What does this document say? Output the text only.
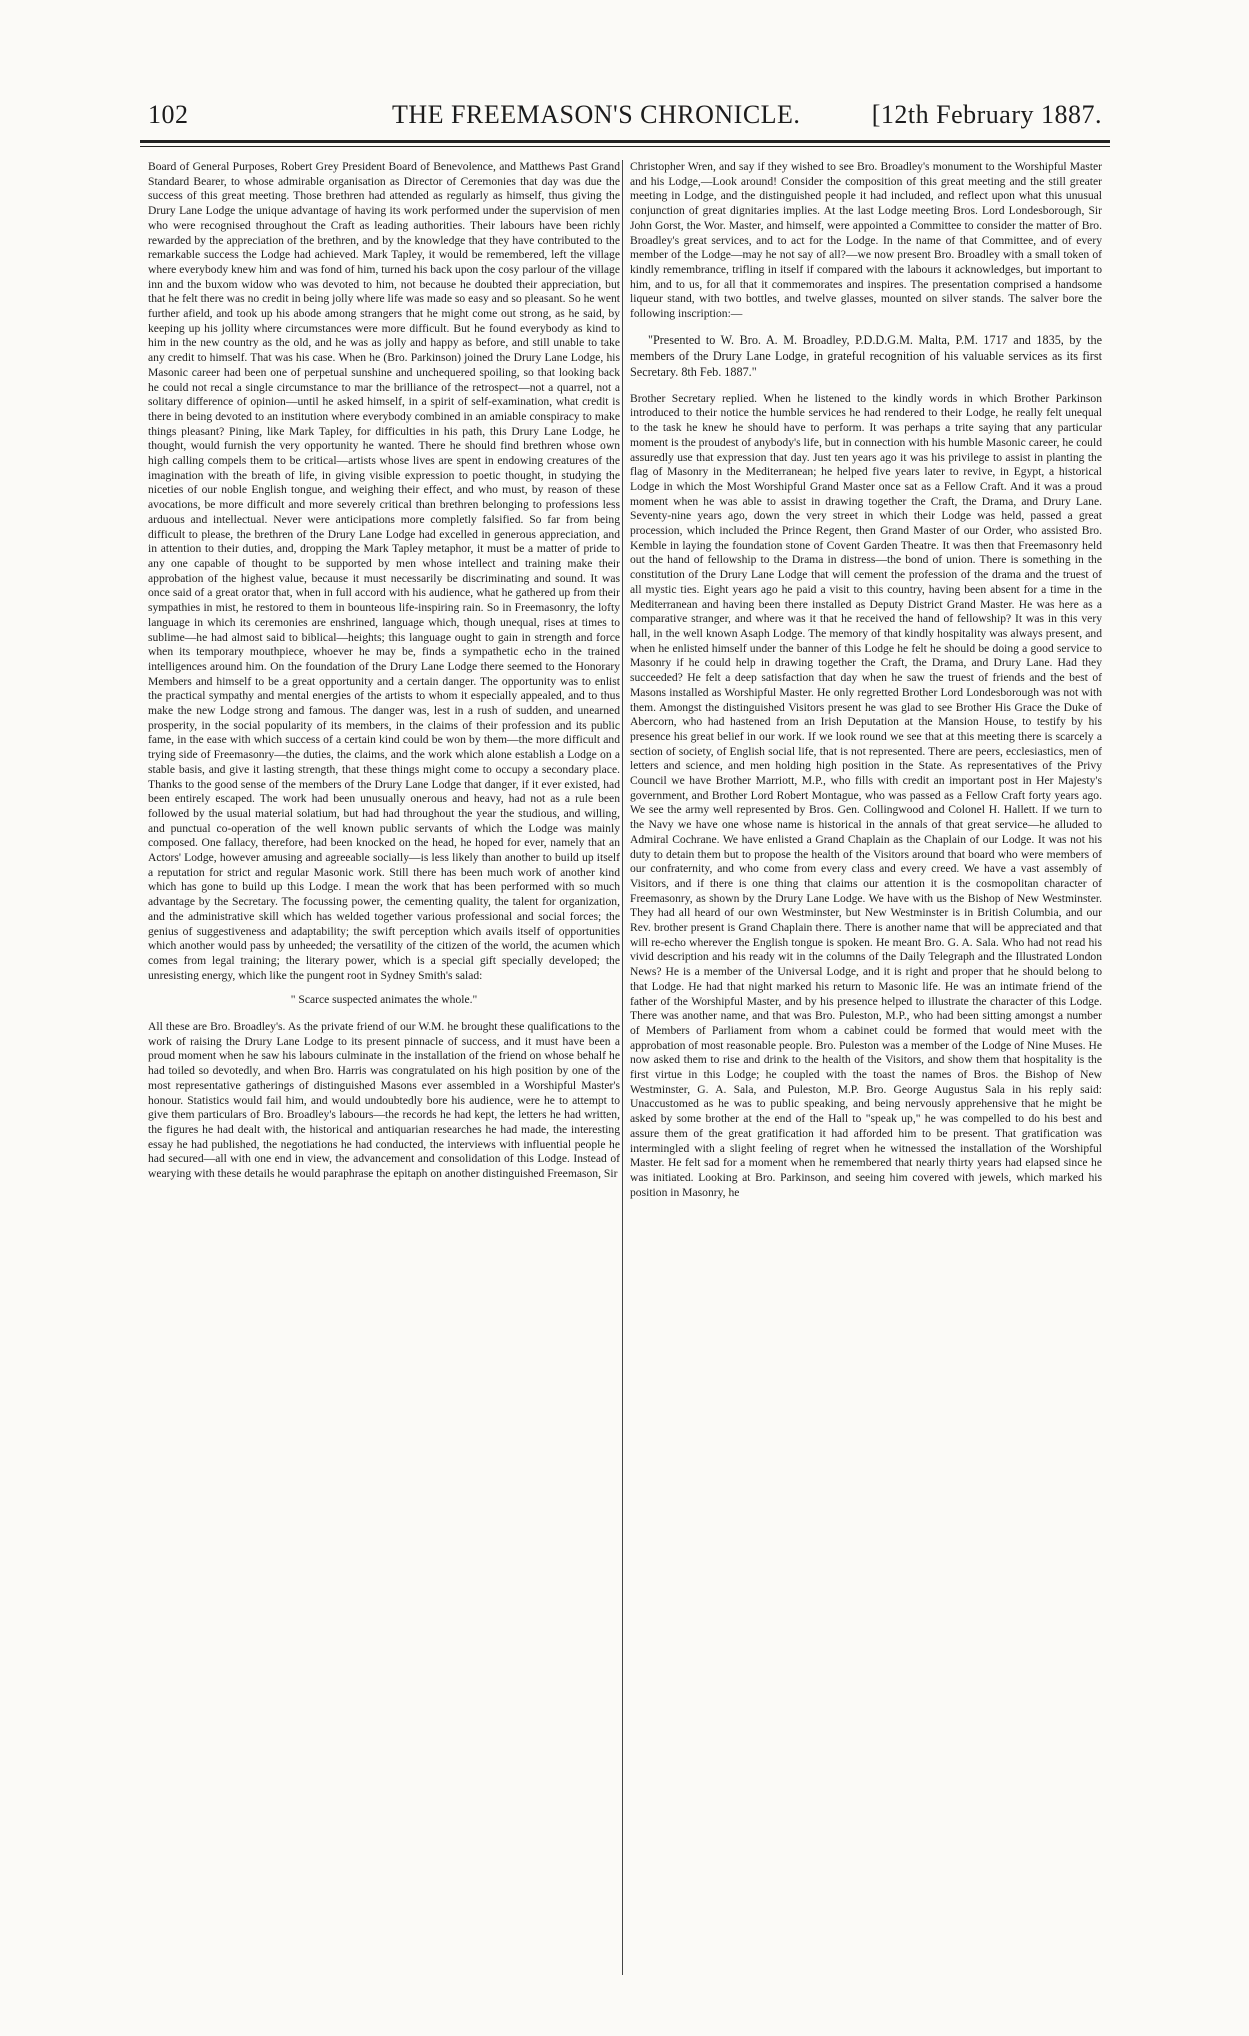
102	THE FREEMASON'S CHRONICLE.	[12th February 1887.

Board of General Purposes, Robert Grey President Board of Benevolence, and Matthews Past Grand Standard Bearer, to whose admirable organisation as Director of Ceremonies that day was due the success of this great meeting. Those brethren had attended as regularly as himself, thus giving the Drury Lane Lodge the unique advantage of having its work performed under the supervision of men who were recognised throughout the Craft as leading authorities. Their labours have been richly rewarded by the appreciation of the brethren, and by the knowledge that they have contributed to the remarkable success the Lodge had achieved. Mark Tapley, it would be remembered, left the village where everybody knew him and was fond of him, turned his back upon the cosy parlour of the village inn and the buxom widow who was devoted to him, not because he doubted their appreciation, but that he felt there was no credit in being jolly where life was made so easy and so pleasant. So he went further afield, and took up his abode among strangers that he might come out strong, as he said, by keeping up his jollity where circumstances were more difficult. But he found everybody as kind to him in the new country as the old, and he was as jolly and happy as before, and still unable to take any credit to himself. That was his case. When he (Bro. Parkinson) joined the Drury Lane Lodge, his Masonic career had been one of perpetual sunshine and unchequered spoiling, so that looking back he could not recal a single circumstance to mar the brilliance of the retrospect—not a quarrel, not a solitary difference of opinion—until he asked himself, in a spirit of self-examination, what credit is there in being devoted to an institution where everybody combined in an amiable conspiracy to make things pleasant? Pining, like Mark Tapley, for difficulties in his path, this Drury Lane Lodge, he thought, would furnish the very opportunity he wanted. There he should find brethren whose own high calling compels them to be critical—artists whose lives are spent in endowing creatures of the imagination with the breath of life, in giving visible expression to poetic thought, in studying the niceties of our noble English tongue, and weighing their effect, and who must, by reason of these avocations, be more difficult and more severely critical than brethren belonging to professions less arduous and intellectual. Never were anticipations more completly falsified. So far from being difficult to please, the brethren of the Drury Lane Lodge had excelled in generous appreciation, and in attention to their duties, and, dropping the Mark Tapley metaphor, it must be a matter of pride to any one capable of thought to be supported by men whose intellect and training make their approbation of the highest value, because it must necessarily be discriminating and sound. It was once said of a great orator that, when in full accord with his audience, what he gathered up from their sympathies in mist, he restored to them in bounteous life-inspiring rain. So in Freemasonry, the lofty language in which its ceremonies are enshrined, language which, though unequal, rises at times to sublime—he had almost said to biblical—heights; this language ought to gain in strength and force when its temporary mouthpiece, whoever he may be, finds a sympathetic echo in the trained intelligences around him. On the foundation of the Drury Lane Lodge there seemed to the Honorary Members and himself to be a great opportunity and a certain danger. The opportunity was to enlist the practical sympathy and mental energies of the artists to whom it especially appealed, and to thus make the new Lodge strong and famous. The danger was, lest in a rush of sudden, and unearned prosperity, in the social popularity of its members, in the claims of their profession and its public fame, in the ease with which success of a certain kind could be won by them—the more difficult and trying side of Freemasonry—the duties, the claims, and the work which alone establish a Lodge on a stable basis, and give it lasting strength, that these things might come to occupy a secondary place. Thanks to the good sense of the members of the Drury Lane Lodge that danger, if it ever existed, had been entirely escaped. The work had been unusually onerous and heavy, had not as a rule been followed by the usual material solatium, but had had throughout the year the studious, and willing, and punctual co-operation of the well known public servants of which the Lodge was mainly composed. One fallacy, therefore, had been knocked on the head, he hoped for ever, namely that an Actors' Lodge, however amusing and agreeable socially—is less likely than another to build up itself a reputation for strict and regular Masonic work. Still there has been much work of another kind which has gone to build up this Lodge. I mean the work that has been performed with so much advantage by the Secretary. The focussing power, the cementing quality, the talent for organization, and the administrative skill which has welded together various professional and social forces; the genius of suggestiveness and adaptability; the swift perception which avails itself of opportunities which another would pass by unheeded; the versatility of the citizen of the world, the acumen which comes from legal training; the literary power, which is a special gift specially developed; the unresisting energy, which like the pungent root in Sydney Smith's salad:

" Scarce suspected animates the whole."

All these are Bro. Broadley's. As the private friend of our W.M. he brought these qualifications to the work of raising the Drury Lane Lodge to its present pinnacle of success, and it must have been a proud moment when he saw his labours culminate in the installation of the friend on whose behalf he had toiled so devotedly, and when Bro. Harris was congratulated on his high position by one of the most representative gatherings of distinguished Masons ever assembled in a Worshipful Master's honour. Statistics would fail him, and would undoubtedly bore his audience, were he to attempt to give them particulars of Bro. Broadley's labours—the records he had kept, the letters he had written, the figures he had dealt with, the historical and antiquarian researches he had made, the interesting essay he had published, the negotiations he had conducted, the interviews with influential people he had secured—all with one end in view, the advancement and consolidation of this Lodge. Instead of wearying with these details he would paraphrase the epitaph on another distinguished Freemason, Sir

Christopher Wren, and say if they wished to see Bro. Broadley's monument to the Worshipful Master and his Lodge,—Look around! Consider the composition of this great meeting and the still greater meeting in Lodge, and the distinguished people it had included, and reflect upon what this unusual conjunction of great dignitaries implies. At the last Lodge meeting Bros. Lord Londesborough, Sir John Gorst, the Wor. Master, and himself, were appointed a Committee to consider the matter of Bro. Broadley's great services, and to act for the Lodge. In the name of that Committee, and of every member of the Lodge—may he not say of all?—we now present Bro. Broadley with a small token of kindly remembrance, trifling in itself if compared with the labours it acknowledges, but important to him, and to us, for all that it commemorates and inspires. The presentation comprised a handsome liqueur stand, with two bottles, and twelve glasses, mounted on silver stands. The salver bore the following inscription:—

"Presented to W. Bro. A. M. Broadley, P.D.D.G.M. Malta, P.M. 1717 and 1835, by the members of the Drury Lane Lodge, in grateful recognition of his valuable services as its first Secretary. 8th Feb. 1887."

Brother Secretary replied. When he listened to the kindly words in which Brother Parkinson introduced to their notice the humble services he had rendered to their Lodge, he really felt unequal to the task he knew he should have to perform. It was perhaps a trite saying that any particular moment is the proudest of anybody's life, but in connection with his humble Masonic career, he could assuredly use that expression that day. Just ten years ago it was his privilege to assist in planting the flag of Masonry in the Mediterranean; he helped five years later to revive, in Egypt, a historical Lodge in which the Most Worshipful Grand Master once sat as a Fellow Craft. And it was a proud moment when he was able to assist in drawing together the Craft, the Drama, and Drury Lane. Seventy-nine years ago, down the very street in which their Lodge was held, passed a great procession, which included the Prince Regent, then Grand Master of our Order, who assisted Bro. Kemble in laying the foundation stone of Covent Garden Theatre. It was then that Freemasonry held out the hand of fellowship to the Drama in distress—the bond of union. There is something in the constitution of the Drury Lane Lodge that will cement the profession of the drama and the truest of all mystic ties. Eight years ago he paid a visit to this country, having been absent for a time in the Mediterranean and having been there installed as Deputy District Grand Master. He was here as a comparative stranger, and where was it that he received the hand of fellowship? It was in this very hall, in the well known Asaph Lodge. The memory of that kindly hospitality was always present, and when he enlisted himself under the banner of this Lodge he felt he should be doing a good service to Masonry if he could help in drawing together the Craft, the Drama, and Drury Lane. Had they succeeded? He felt a deep satisfaction that day when he saw the truest of friends and the best of Masons installed as Worshipful Master. He only regretted Brother Lord Londesborough was not with them. Amongst the distinguished Visitors present he was glad to see Brother His Grace the Duke of Abercorn, who had hastened from an Irish Deputation at the Mansion House, to testify by his presence his great belief in our work. If we look round we see that at this meeting there is scarcely a section of society, of English social life, that is not represented. There are peers, ecclesiastics, men of letters and science, and men holding high position in the State. As representatives of the Privy Council we have Brother Marriott, M.P., who fills with credit an important post in Her Majesty's government, and Brother Lord Robert Montague, who was passed as a Fellow Craft forty years ago. We see the army well represented by Bros. Gen. Collingwood and Colonel H. Hallett. If we turn to the Navy we have one whose name is historical in the annals of that great service—he alluded to Admiral Cochrane. We have enlisted a Grand Chaplain as the Chaplain of our Lodge. It was not his duty to detain them but to propose the health of the Visitors around that board who were members of our confraternity, and who come from every class and every creed. We have a vast assembly of Visitors, and if there is one thing that claims our attention it is the cosmopolitan character of Freemasonry, as shown by the Drury Lane Lodge. We have with us the Bishop of New Westminster. They had all heard of our own Westminster, but New Westminster is in British Columbia, and our Rev. brother present is Grand Chaplain there. There is another name that will be appreciated and that will re-echo wherever the English tongue is spoken. He meant Bro. G. A. Sala. Who had not read his vivid description and his ready wit in the columns of the Daily Telegraph and the Illustrated London News? He is a member of the Universal Lodge, and it is right and proper that he should belong to that Lodge. He had that night marked his return to Masonic life. He was an intimate friend of the father of the Worshipful Master, and by his presence helped to illustrate the character of this Lodge. There was another name, and that was Bro. Puleston, M.P., who had been sitting amongst a number of Members of Parliament from whom a cabinet could be formed that would meet with the approbation of most reasonable people. Bro. Puleston was a member of the Lodge of Nine Muses. He now asked them to rise and drink to the health of the Visitors, and show them that hospitality is the first virtue in this Lodge; he coupled with the toast the names of Bros. the Bishop of New Westminster, G. A. Sala, and Puleston, M.P. Bro. George Augustus Sala in his reply said: Unaccustomed as he was to public speaking, and being nervously apprehensive that he might be asked by some brother at the end of the Hall to "speak up," he was compelled to do his best and assure them of the great gratification it had afforded him to be present. That gratification was intermingled with a slight feeling of regret when he witnessed the installation of the Worshipful Master. He felt sad for a moment when he remembered that nearly thirty years had elapsed since he was initiated. Looking at Bro. Parkinson, and seeing him covered with jewels, which marked his position in Masonry, he
